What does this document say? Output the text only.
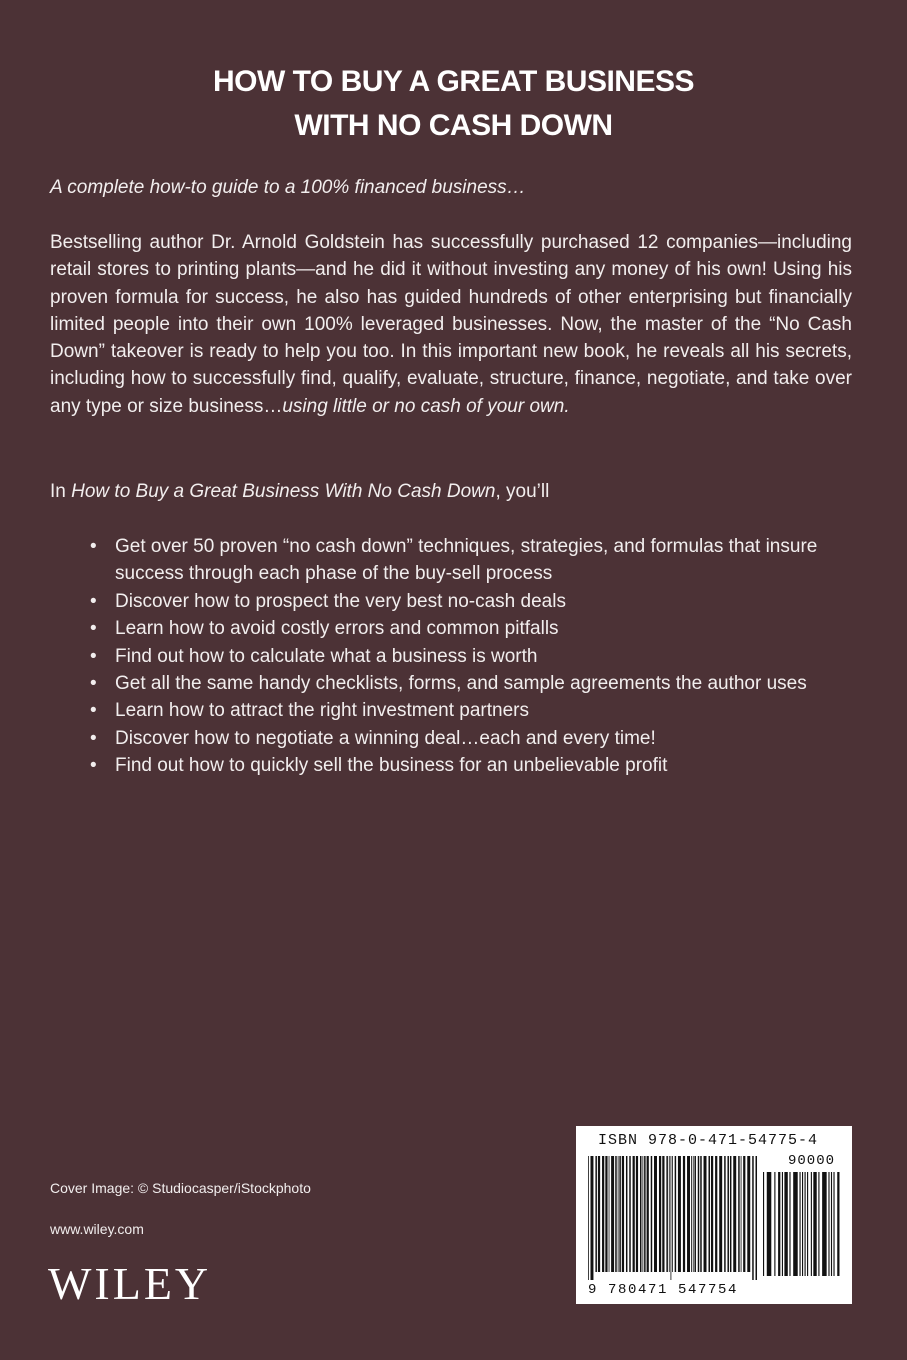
HOW TO BUY A GREAT BUSINESS
WITH NO CASH DOWN
A complete how-to guide to a 100% financed business…
Bestselling author Dr. Arnold Goldstein has successfully purchased 12 companies—including retail stores to printing plants—and he did it without investing any money of his own! Using his proven formula for success, he also has guided hundreds of other enterprising but financially limited people into their own 100% leveraged businesses. Now, the master of the “No Cash Down” takeover is ready to help you too. In this important new book, he reveals all his secrets, including how to successfully find, qualify, evaluate, structure, finance, negotiate, and take over any type or size business…using little or no cash of your own.
In How to Buy a Great Business With No Cash Down, you’ll
• Get over 50 proven “no cash down” techniques, strategies, and formulas that insure success through each phase of the buy-sell process
• Discover how to prospect the very best no-cash deals
• Learn how to avoid costly errors and common pitfalls
• Find out how to calculate what a business is worth
• Get all the same handy checklists, forms, and sample agreements the author uses
• Learn how to attract the right investment partners
• Discover how to negotiate a winning deal…each and every time!
• Find out how to quickly sell the business for an unbelievable profit
Cover Image: © Studiocasper/iStockphoto
www.wiley.com
WILEY
ISBN 978-0-471-54775-4
90000
9 780471 547754
